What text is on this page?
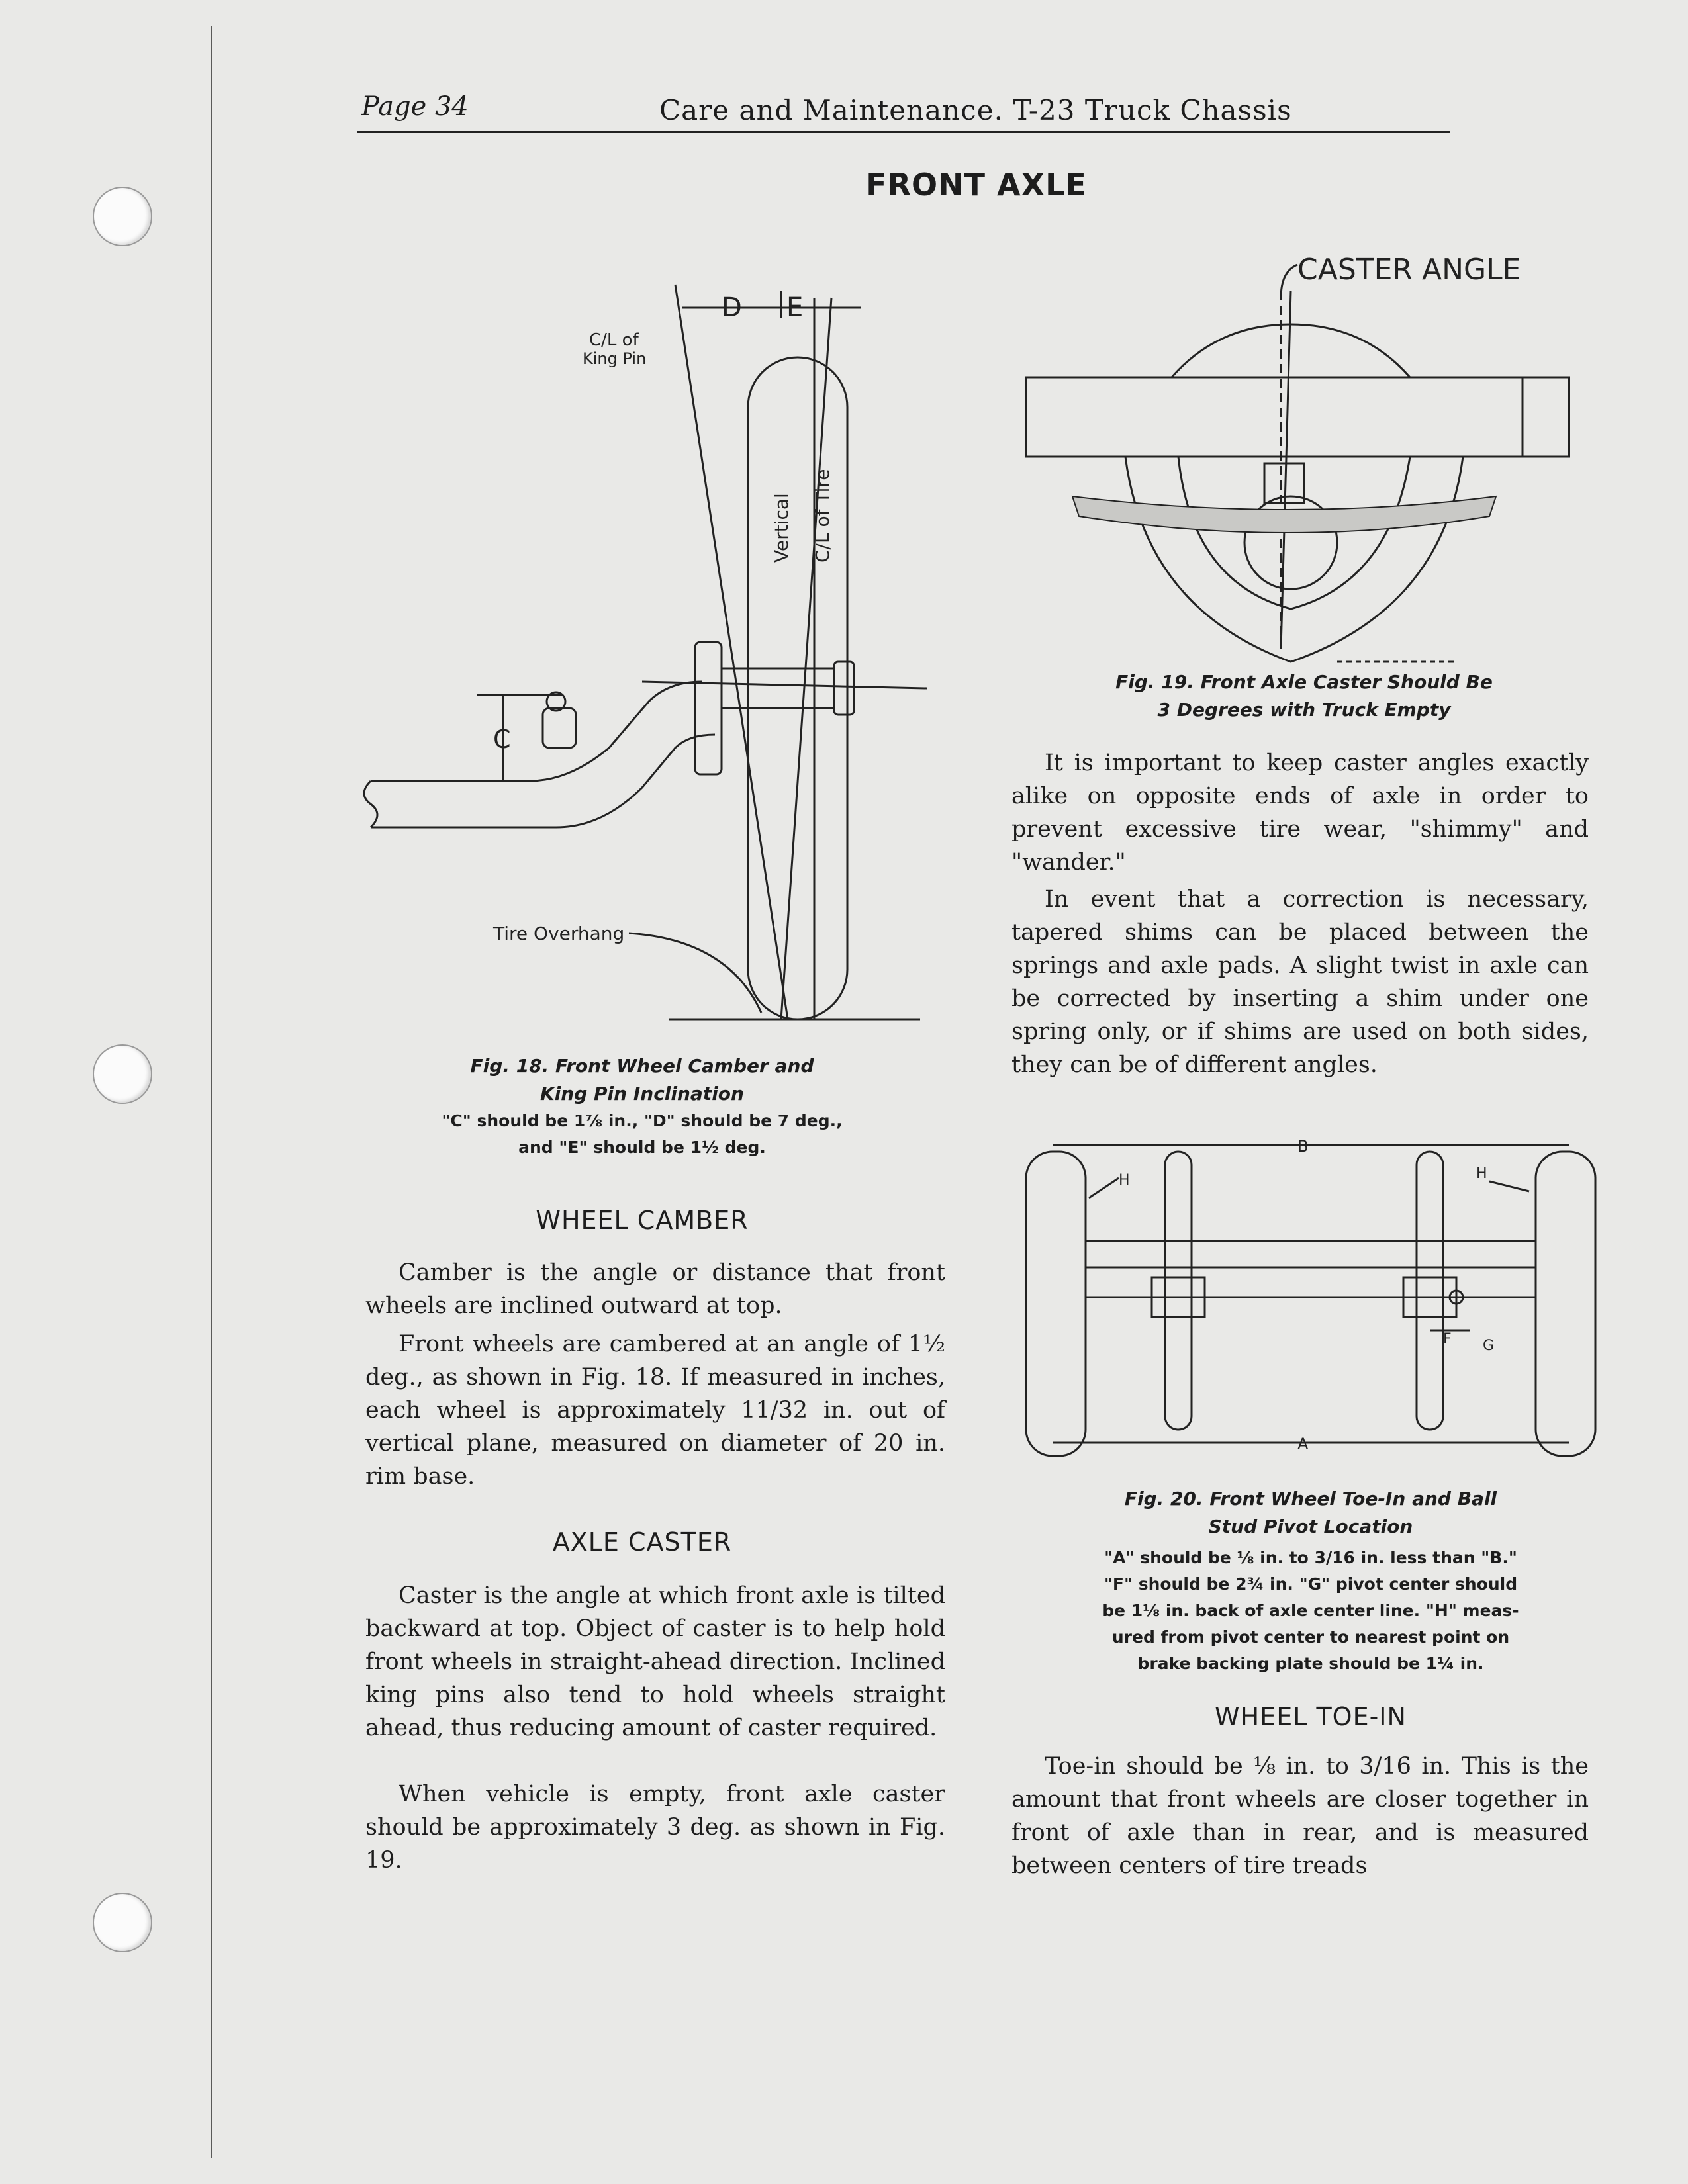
Page 34	Care and Maintenance. T-23 Truck Chassis
FRONT AXLE
D E
C/L of
King Pin
Vertical C/L of Tire
C
Tire Overhang
Fig. 18. Front Wheel Camber and
King Pin Inclination
"C" should be 1⅞ in., "D" should be 7 deg.,
and "E" should be 1½ deg.
CASTER ANGLE
Fig. 19. Front Axle Caster Should Be
3 Degrees with Truck Empty
WHEEL CAMBER

Camber is the angle or distance that front wheels are inclined outward at top.

Front wheels are cambered at an angle of 1½ deg., as shown in Fig. 18. If measured in inches, each wheel is approximately 11/32 in. out of vertical plane, measured on diameter of 20 in. rim base.

AXLE CASTER

Caster is the angle at which front axle is tilted backward at top. Object of caster is to help hold front wheels in straight-ahead direction. Inclined king pins also tend to hold wheels straight ahead, thus reducing amount of caster required.

When vehicle is empty, front axle caster should be approximately 3 deg. as shown in Fig. 19.

It is important to keep caster angles exactly alike on opposite ends of axle in order to prevent excessive tire wear, "shimmy" and "wander."

In event that a correction is necessary, tapered shims can be placed between the springs and axle pads. A slight twist in axle can be corrected by inserting a shim under one spring only, or if shims are used on both sides, they can be of different angles.

B
A
H	H
F G
Fig. 20. Front Wheel Toe-In and Ball
Stud Pivot Location
"A" should be ⅛ in. to 3/16 in. less than "B."
"F" should be 2¾ in. "G" pivot center should
be 1⅛ in. back of axle center line. "H" meas-
ured from pivot center to nearest point on
brake backing plate should be 1¼ in.
WHEEL TOE-IN

Toe-in should be ⅛ in. to 3/16 in. This is the amount that front wheels are closer together in front of axle than in rear, and is measured between centers of tire treads
